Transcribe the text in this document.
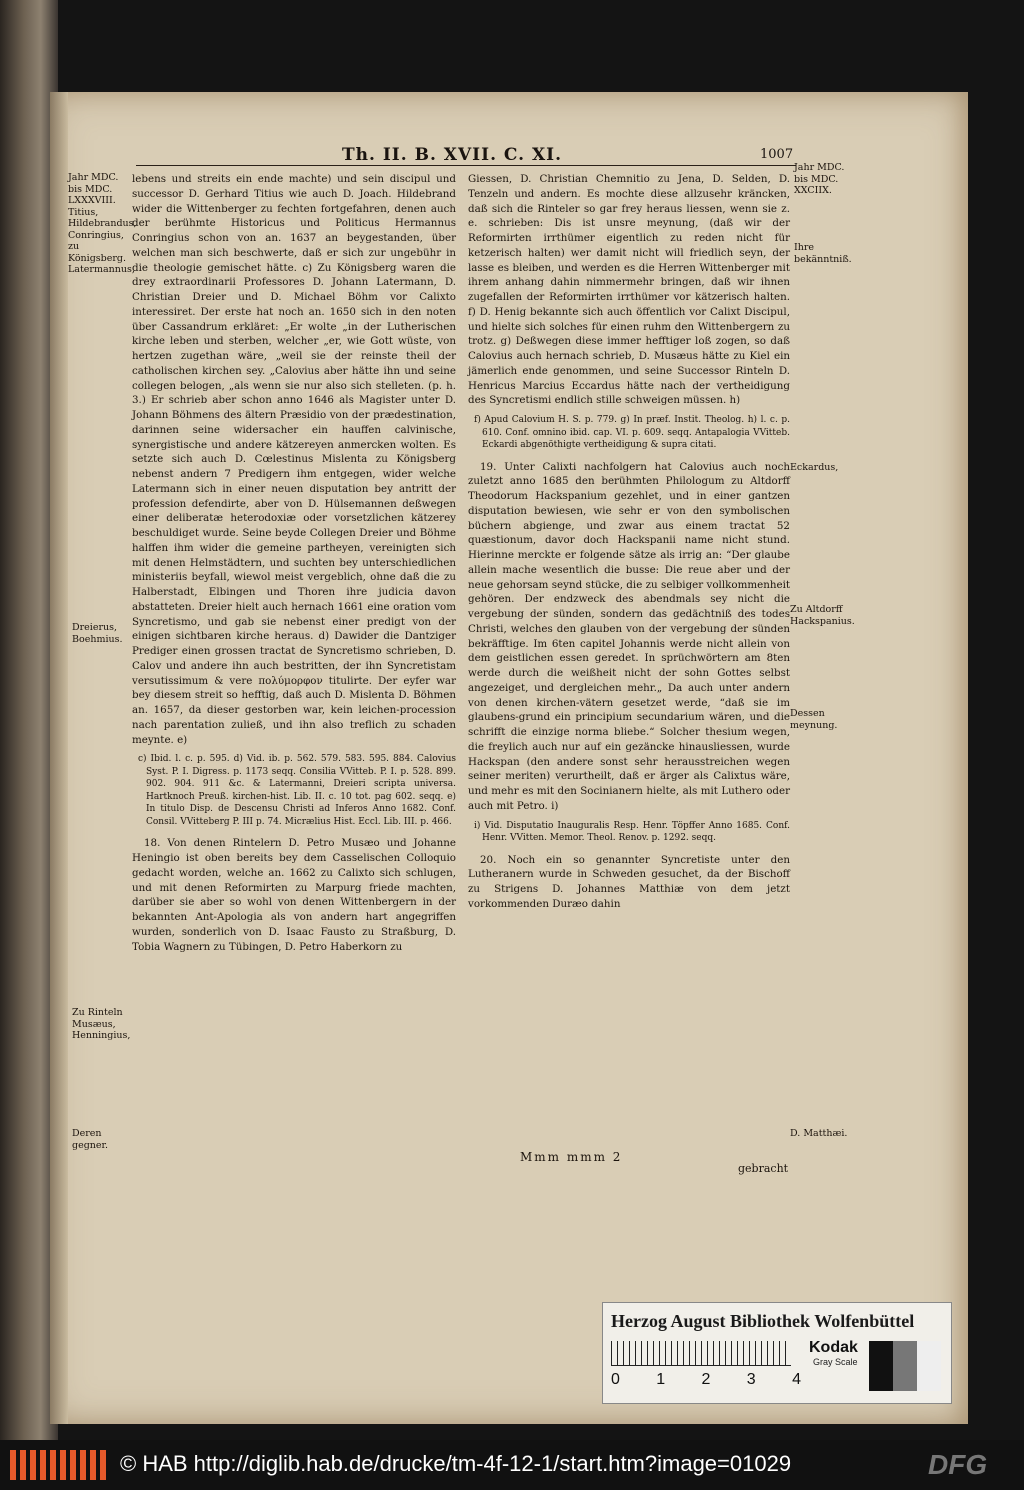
Th. II. B. XVII. C. XI.	1007
Jahr MDC. bis MDC. LXXXVIII. Titius, Hildebrandus, Conringius, zu Königsberg. Latermannus,
Dreierus, Boehmius.
Zu Rinteln Musæus, Henningius,
Deren gegner.

lebens und streits ein ende machte) und sein discipul und successor D. Gerhard Titius wie auch D. Joach. Hildebrand wider die Wittenberger zu fechten fortgefahren, denen auch der berühmte Historicus und Politicus Hermannus Conringius schon von an. 1637 an beygestanden, über welchen man sich beschwerte, daß er sich zur ungebühr in die theologie gemischet hätte. c) Zu Königsberg waren die drey extraordinarii Professores D. Johann Latermann, D. Christian Dreier und D. Michael Böhm vor Calixto interessiret. Der erste hat noch an. 1650 sich in den noten über Cassandrum erkläret: „Er wolte „in der Lutherischen kirche leben und sterben, welcher „er, wie Gott wüste, von hertzen zugethan wäre, „weil sie der reinste theil der catholischen kirchen sey. „Calovius aber hätte ihn und seine collegen belogen, „als wenn sie nur also sich stelleten. (p. h. 3.) Er schrieb aber schon anno 1646 als Magister unter D. Johann Böhmens des ältern Præsidio von der prædestination, darinnen seine widersacher ein hauffen calvinische, synergistische und andere kätzereyen anmercken wolten. Es setzte sich auch D. Cœlestinus Mislenta zu Königsberg nebenst andern 7 Predigern ihm entgegen, wider welche Latermann sich in einer neuen disputation bey antritt der profession defendirte, aber von D. Hülsemannen deßwegen einer deliberatæ heterodoxiæ oder vorsetzlichen kätzerey beschuldiget wurde. Seine beyde Collegen Dreier und Böhme halffen ihm wider die gemeine partheyen, vereinigten sich mit denen Helmstädtern, und suchten bey unterschiedlichen ministeriis beyfall, wiewol meist vergeblich, ohne daß die zu Halberstadt, Elbingen und Thoren ihre judicia davon abstatteten. Dreier hielt auch hernach 1661 eine oration vom Syncretismo, und gab sie nebenst einer predigt von der einigen sichtbaren kirche heraus. d) Dawider die Dantziger Prediger einen grossen tractat de Syncretismo schrieben, D. Calov und andere ihn auch bestritten, der ihn Syncretistam versutissimum & vere πολύμορφον titulirte. Der eyfer war bey diesem streit so hefftig, daß auch D. Mislenta D. Böhmen an. 1657, da dieser gestorben war, kein leichen-procession nach parentation zuließ, und ihn also treflich zu schaden meynte. e)

c) Ibid. l. c. p. 595. d) Vid. ib. p. 562. 579. 583. 595. 884. Calovius Syst. P. I. Digress. p. 1173 seqq. Consilia VVitteb. P. I. p. 528. 899. 902. 904. 911 &c. & Latermanni, Dreieri scripta universa. Hartknoch Preuß. kirchen-hist. Lib. II. c. 10 tot. pag 602. seqq. e) In titulo Disp. de Descensu Christi ad Inferos Anno 1682. Conf. Consil. VVitteberg P. III p. 74. Micrælius Hist. Eccl. Lib. III. p. 466.

18. Von denen Rintelern D. Petro Musæo und Johanne Heningio ist oben bereits bey dem Casselischen Colloquio gedacht worden, welche an. 1662 zu Calixto sich schlugen, und mit denen Reformirten zu Marpurg friede machten, darüber sie aber so wohl von denen Wittenbergern in der bekannten Ant-Apologia als von andern hart angegriffen wurden, sonderlich von D. Isaac Fausto zu Straßburg, D. Tobia Wagnern zu Tübingen, D. Petro Haberkorn zu

Giessen, D. Christian Chemnitio zu Jena, D. Selden, D. Tenzeln und andern. Es mochte diese allzusehr kräncken, daß sich die Rinteler so gar frey heraus liessen, wenn sie z. e. schrieben: Dis ist unsre meynung, (daß wir der Reformirten irrthümer eigentlich zu reden nicht für ketzerisch halten) wer damit nicht will friedlich seyn, der lasse es bleiben, und werden es die Herren Wittenberger mit ihrem anhang dahin nimmermehr bringen, daß wir ihnen zugefallen der Reformirten irrthümer vor kätzerisch halten. f) D. Henig bekannte sich auch öffentlich vor Calixt Discipul, und hielte sich solches für einen ruhm den Wittenbergern zu trotz. g) Deßwegen diese immer hefftiger loß zogen, so daß Calovius auch hernach schrieb, D. Musæus hätte zu Kiel ein jämerlich ende genommen, und seine Successor Rinteln D. Henricus Marcius Eccardus hätte nach der vertheidigung des Syncretismi endlich stille schweigen müssen. h)

f) Apud Calovium H. S. p. 779. g) In præf. Instit. Theolog. h) l. c. p. 610. Conf. omnino ibid. cap. VI. p. 609. seqq. Antapalogia VVitteb. Eckardi abgenöthigte vertheidigung & supra citati.

19. Unter Calixti nachfolgern hat Calovius auch noch zuletzt anno 1685 den berühmten Philologum zu Altdorff Theodorum Hackspanium gezehlet, und in einer gantzen disputation bewiesen, wie sehr er von den symbolischen büchern abgienge, und zwar aus einem tractat 52 quæstionum, davor doch Hackspanii name nicht stund. Hierinne merckte er folgende sätze als irrig an: “Der glaube allein mache wesentlich die busse: Die reue aber und der neue gehorsam seynd stücke, die zu selbiger vollkommenheit gehören. Der endzweck des abendmals sey nicht die vergebung der sünden, sondern das gedächtniß des todes Christi, welches den glauben von der vergebung der sünden bekräfftige. Im 6ten capitel Johannis werde nicht allein von dem geistlichen essen geredet. In sprüchwörtern am 8ten werde durch die weißheit nicht der sohn Gottes selbst angezeiget, und dergleichen mehr.„ Da auch unter andern von denen kirchen-vätern gesetzet werde, “daß sie im glaubens-grund ein principium secundarium wären, und die schrifft die einzige norma bliebe.“ Solcher thesium wegen, die freylich auch nur auf ein gezäncke hinausliessen, wurde Hackspan (den andere sonst sehr herausstreichen wegen seiner meriten) verurtheilt, daß er ärger als Calixtus wäre, und mehr es mit den Socinianern hielte, als mit Luthero oder auch mit Petro. i)

i) Vid. Disputatio Inauguralis Resp. Henr. Töpffer Anno 1685. Conf. Henr. VVitten. Memor. Theol. Renov. p. 1292. seqq.

20. Noch ein so genannter Syncretiste unter den Lutheranern wurde in Schweden gesuchet, da der Bischoff zu Strigens D. Johannes Matthiæ von dem jetzt vorkommenden Duræo dahin

Jahr MDC. bis MDC. XXCIIX.
Ihre bekänntniß.
Eckardus,
Zu Altdorff Hackspanius.
Dessen meynung.
D. Matthæi.
Mmm mmm 2
gebracht
Herzog August Bibliothek Wolfenbüttel
0 1 2 3 4
Kodak
Gray Scale
© HAB http://diglib.hab.de/drucke/tm-4f-12-1/start.htm?image=01029	DFG
